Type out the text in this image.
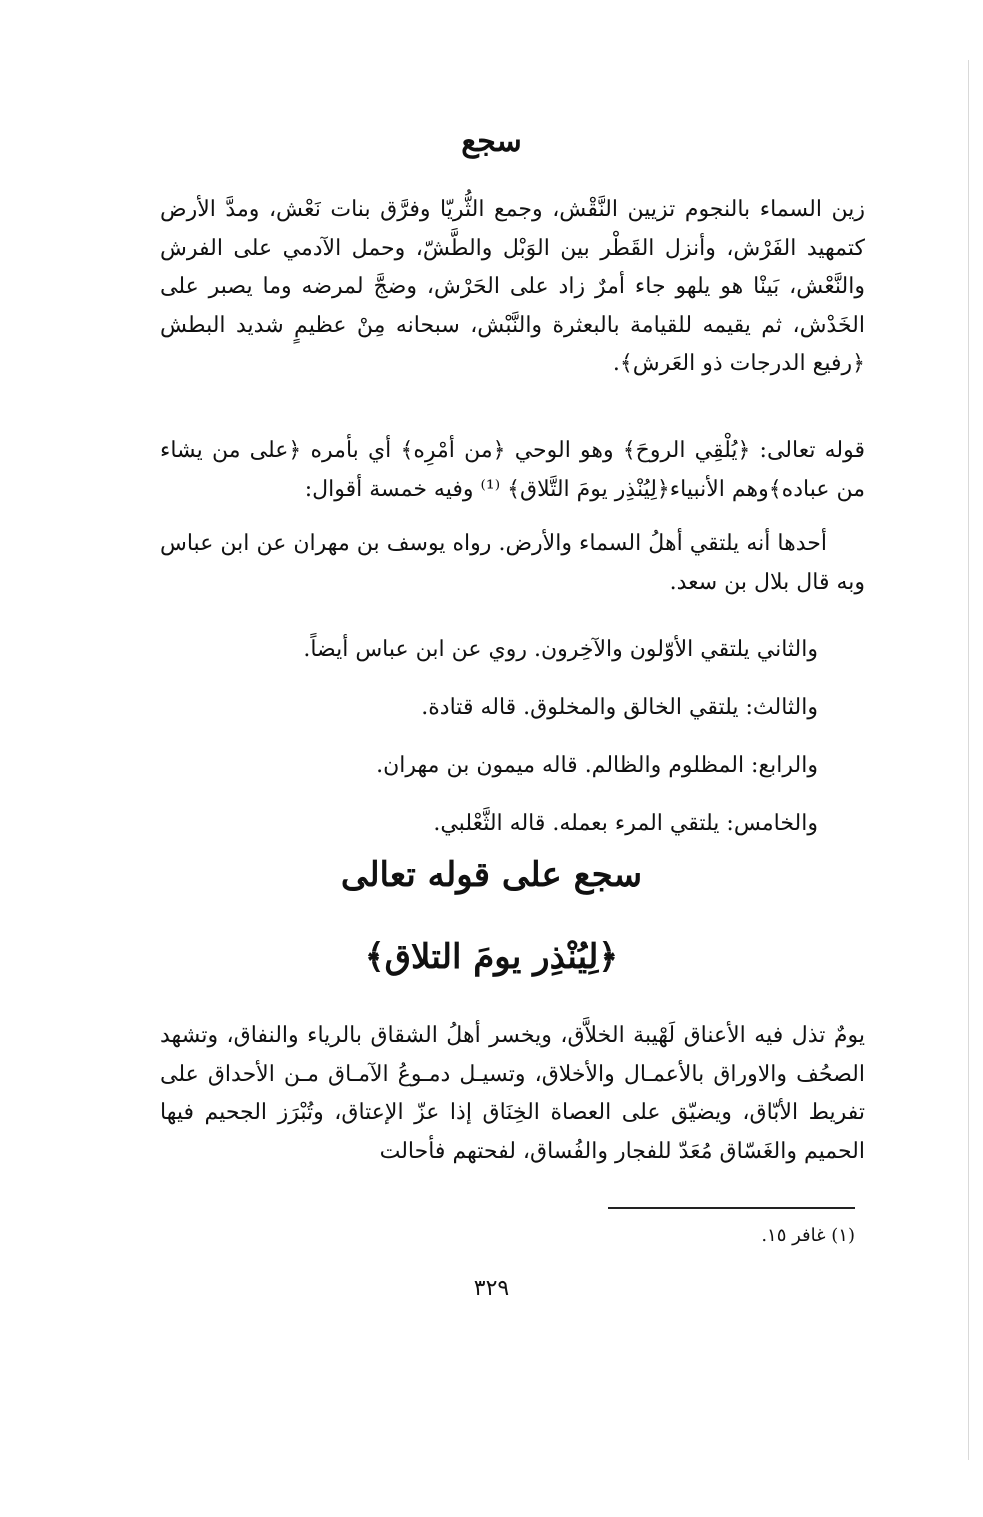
سجع

زين السماء بالنجوم تزيين النَّقْش، وجمع الثُّريّا وفرَّق بنات نَعْش، ومدَّ الأرض كتمهيد الفَرْش، وأنزل القَطْر بين الوَبْل والطَّشّ، وحمل الآدمي على الفرش والنَّعْش، بَينْا هو يلهو جاء أمرٌ زاد على الحَرْش، وضجَّ لمرضه وما يصبر على الخَدْش، ثم يقيمه للقيامة بالبعثرة والنَّبْش، سبحانه مِنْ عظيمٍ شديد البطش ﴿رفيع الدرجات ذو العَرش﴾.

قوله تعالى: ﴿يُلْقِي الروحَ﴾ وهو الوحي ﴿من أمْرِه﴾ أي بأمره ﴿على من يشاء من عباده﴾وهم الأنبياء﴿لِيُنْذِر يومَ التَّلاق﴾ ⁽¹⁾ وفيه خمسة أقوال:

أحدها أنه يلتقي أهلُ السماء والأرض. رواه يوسف بن مهران عن ابن عباس وبه قال بلال بن سعد.

والثاني يلتقي الأوّلون والآخِرون. روي عن ابن عباس أيضاً.
والثالث: يلتقي الخالق والمخلوق. قاله قتادة.
والرابع: المظلوم والظالم. قاله ميمون بن مهران.
والخامس: يلتقي المرء بعمله. قاله الثَّعْلبي.
سجع على قوله تعالى
﴿لِيُنْذِر يومَ التلاق﴾

يومٌ تذل فيه الأعناق لَهْيبة الخلاَّق، ويخسر أهلُ الشقاق بالرياء والنفاق، وتشهد الصحُف والاوراق بالأعمـال والأخلاق، وتسيـل دمـوعُ الآمـاق مـن الأحداق على تفريط الأبّاق، ويضيّق على العصاة الخِنَاق إذا عزّ الإعتاق، وتُبْرَز الجحيم فيها الحميم والغَسّاق مُعَدّ للفجار والفُساق، لفحتهم فأحالت

(١) غافر ١٥.

٣٢٩
